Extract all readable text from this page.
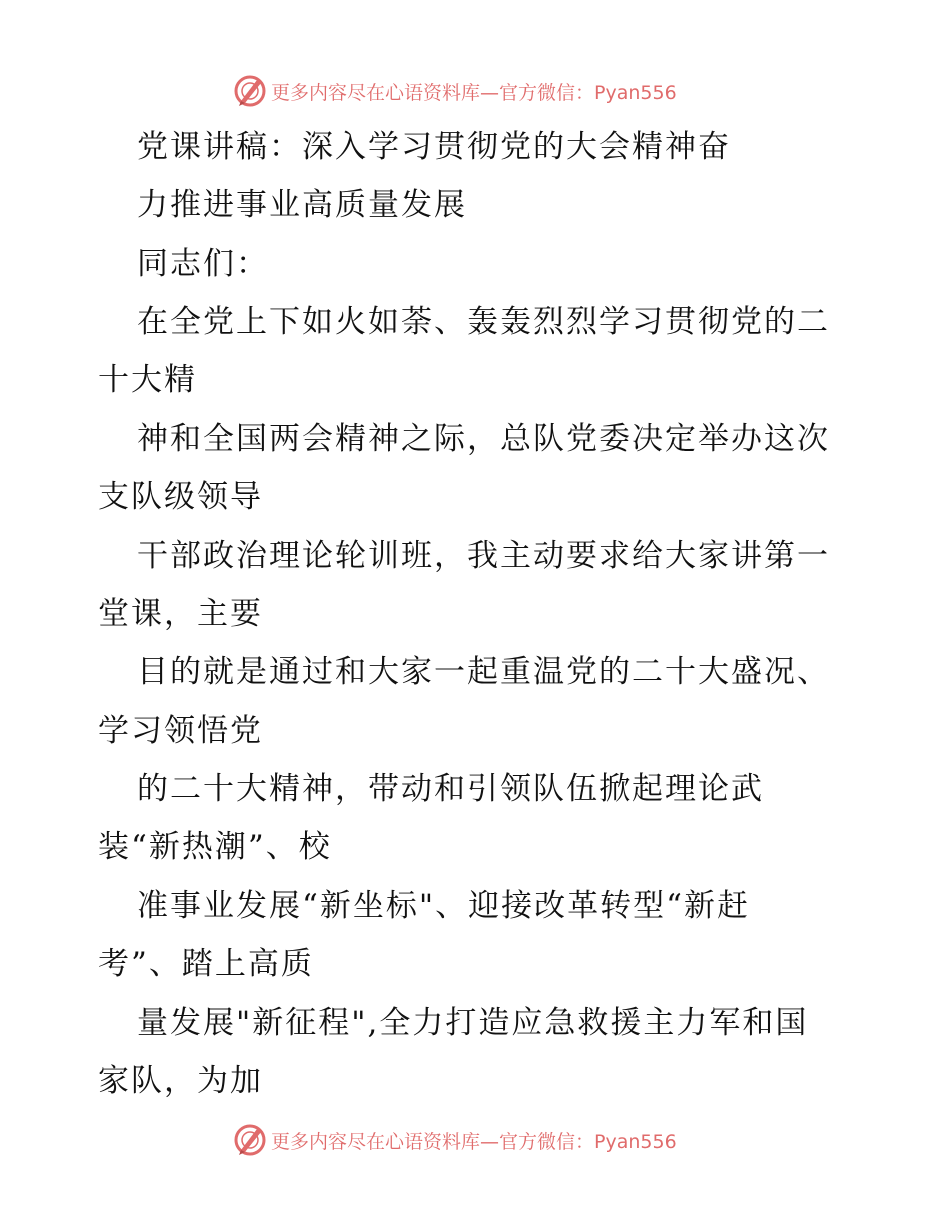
更多内容尽在心语资料库—官方微信：Pyan556
党课讲稿：深入学习贯彻党的大会精神奋
力推进事业高质量发展
同志们：
在全党上下如火如荼、轰轰烈烈学习贯彻党的二
十大精
神和全国两会精神之际，总队党委决定举办这次
支队级领导
干部政治理论轮训班，我主动要求给大家讲第一
堂课，主要
目的就是通过和大家一起重温党的二十大盛况、
学习领悟党
的二十大精神，带动和引领队伍掀起理论武
装“新热潮”、校
准事业发展“新坐标"、迎接改革转型“新赶
考”、踏上高质
量发展"新征程",全力打造应急救援主力军和国
家队，为加
更多内容尽在心语资料库—官方微信：Pyan556
